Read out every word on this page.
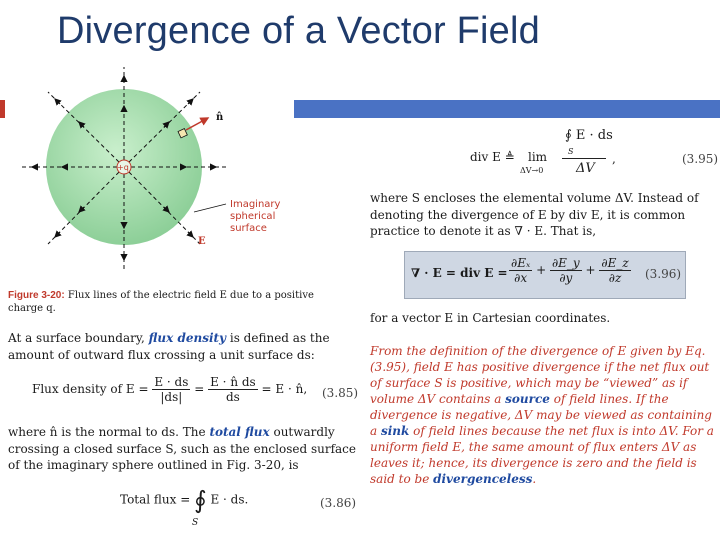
Divergence of a Vector Field
n̂
+q
Imaginary
spherical
surface
E
Figure 3-20: Flux lines of the electric field E due to a positive charge q.
At a surface boundary, flux density is defined as the amount of outward flux crossing a unit surface ds:
Flux density of $E = \frac{E \cdot ds}{|ds|} = \frac{E \cdot n̂ ds}{ds} = E$ · n̂, (3.85)
where n̂ is the normal to ds. The total flux outwardly crossing a closed surface S, such as the enclosed surface of the imaginary sphere outlined in Fig. 3-20, is
Total flux = ∮ E · ds.
S
(3.86)
div E ≜ lim
ΔV→0
∮ E · ds
S
ΔV
,	(3.95)
where S encloses the elemental volume ΔV. Instead of denoting the divergence of E by div E, it is common practice to denote it as ∇ · E. That is,
∇ · E = div $E = \frac{\text{∂Eₓ}}{\partial x} + \frac{\partial E\_y}{\partial y} + \frac{\partial E\_z}{\partial z} (3.96)$
for a vector E in Cartesian coordinates.
From the definition of the divergence of E given by Eq. (3.95), field E has positive divergence if the net flux out of surface S is positive, which may be “viewed” as if volume ΔV contains a source of field lines. If the divergence is negative, ΔV may be viewed as containing a sink of field lines because the net flux is into ΔV. For a uniform field E, the same amount of flux enters ΔV as leaves it; hence, its divergence is zero and the field is said to be divergenceless.
